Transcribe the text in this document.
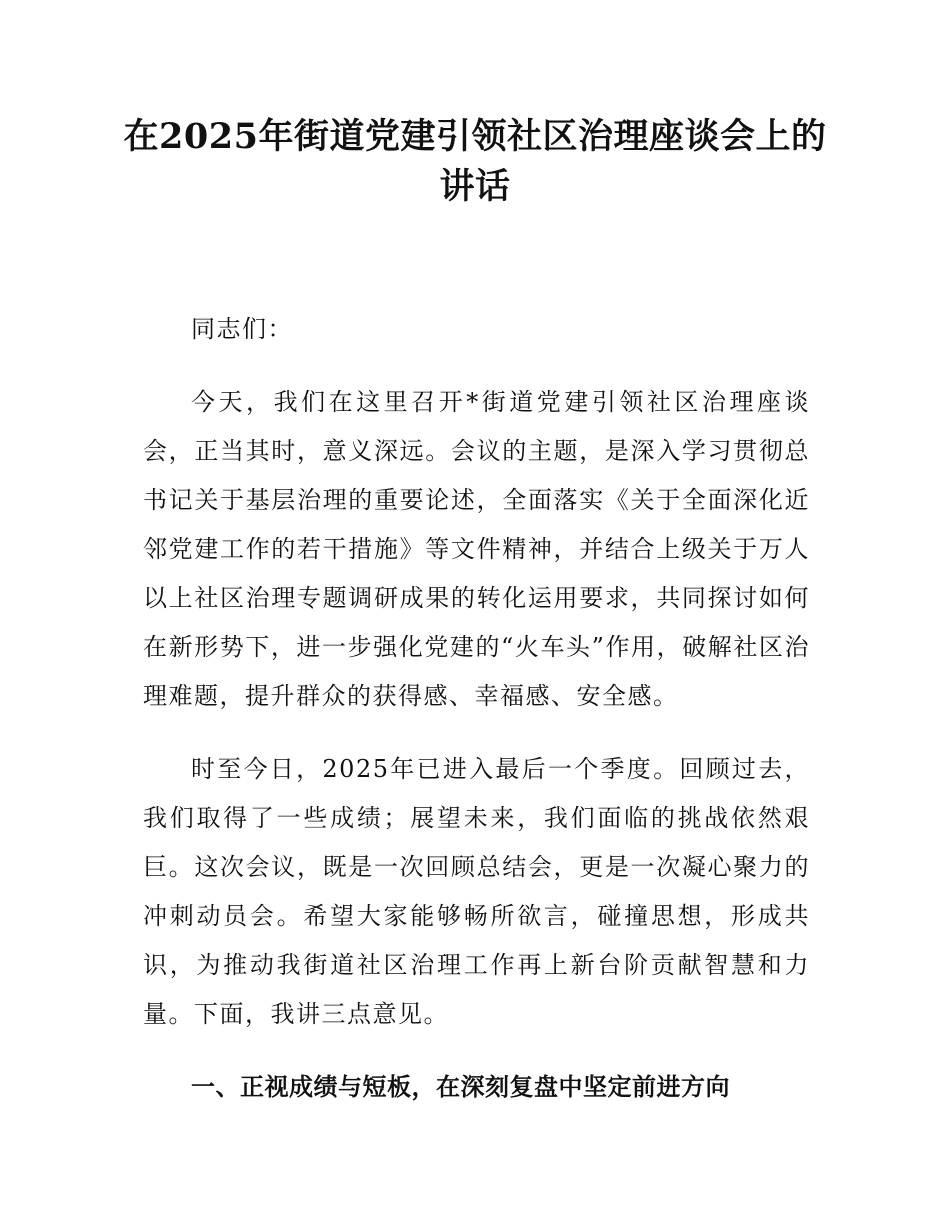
在2025年街道党建引领社区治理座谈会上的讲话

同志们：

今天，我们在这里召开*街道党建引领社区治理座谈会，正当其时，意义深远。会议的主题，是深入学习贯彻总书记关于基层治理的重要论述，全面落实《关于全面深化近邻党建工作的若干措施》等文件精神，并结合上级关于万人以上社区治理专题调研成果的转化运用要求，共同探讨如何在新形势下，进一步强化党建的“火车头”作用，破解社区治理难题，提升群众的获得感、幸福感、安全感。

时至今日，2025年已进入最后一个季度。回顾过去，我们取得了一些成绩；展望未来，我们面临的挑战依然艰巨。这次会议，既是一次回顾总结会，更是一次凝心聚力的冲刺动员会。希望大家能够畅所欲言，碰撞思想，形成共识，为推动我街道社区治理工作再上新台阶贡献智慧和力量。下面，我讲三点意见。

一、正视成绩与短板，在深刻复盘中坚定前进方向
